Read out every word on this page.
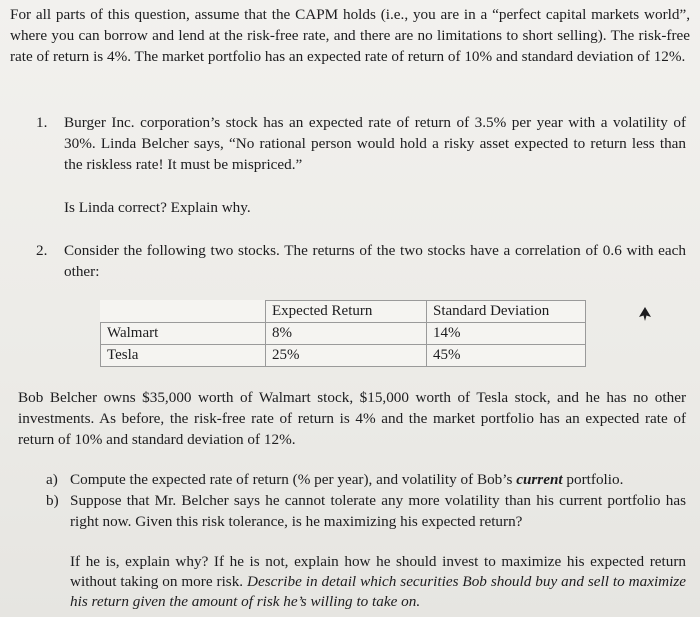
For all parts of this question, assume that the CAPM holds (i.e., you are in a “perfect capital markets world”, where you can borrow and lend at the risk-free rate, and there are no limitations to short selling). The risk-free rate of return is 4%. The market portfolio has an expected rate of return of 10% and standard deviation of 12%.

1. Burger Inc. corporation’s stock has an expected rate of return of 3.5% per year with a volatility of 30%. Linda Belcher says, “No rational person would hold a risky asset expected to return less than the riskless rate! It must be mispriced.”
Is Linda correct? Explain why.
2. Consider the following two stocks. The returns of the two stocks have a correlation of 0.6 with each other:
	Expected Return	Standard Deviation
Walmart	8%	14%
Tesla	25%	45%
Bob Belcher owns $35,000 worth of Walmart stock, $15,000 worth of Tesla stock, and he has no other investments. As before, the risk-free rate of return is 4% and the market portfolio has an expected rate of return of 10% and standard deviation of 12%.
a) Compute the expected rate of return (% per year), and volatility of Bob’s current portfolio.
b) Suppose that Mr. Belcher says he cannot tolerate any more volatility than his current portfolio has right now. Given this risk tolerance, is he maximizing his expected return?
If he is, explain why? If he is not, explain how he should invest to maximize his expected return without taking on more risk. Describe in detail which securities Bob should buy and sell to maximize his return given the amount of risk he’s willing to take on.
